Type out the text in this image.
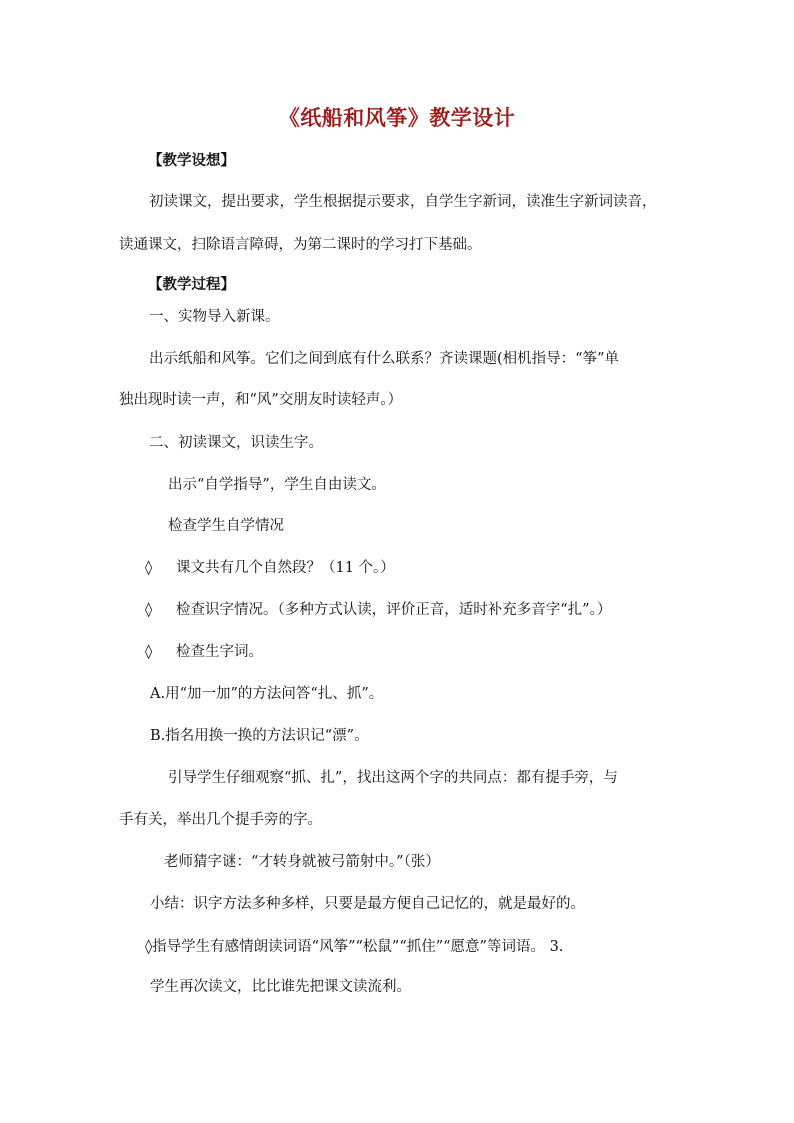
《纸船和风筝》教学设计
【教学设想】
初读课文，提出要求，学生根据提示要求，自学生字新词，读准生字新词读音，
读通课文，扫除语言障碍，为第二课时的学习打下基础。
【教学过程】
一、实物导入新课。
出示纸船和风筝。它们之间到底有什么联系？齐读课题(相机指导：“筝”单
独出现时读一声，和“风”交朋友时读轻声。）
二、初读课文，识读生字。
出示“自学指导”，学生自由读文。
检查学生自学情况
◊ 课文共有几个自然段？（11 个。）
◊ 检查识字情况。（多种方式认读，评价正音，适时补充多音字“扎”。）
◊ 检查生字词。
A.用“加一加”的方法问答“扎、抓”。
B.指名用换一换的方法识记“漂”。
引导学生仔细观察“抓、扎”，找出这两个字的共同点：都有提手旁，与
手有关，举出几个提手旁的字。
老师猜字谜：“才转身就被弓箭射中。”（张）
小结：识字方法多种多样，只要是最方便自己记忆的，就是最好的。
◊指导学生有感情朗读词语“风筝”“松鼠”“抓住”“愿意”等词语。 3.
学生再次读文，比比谁先把课文读流利。
